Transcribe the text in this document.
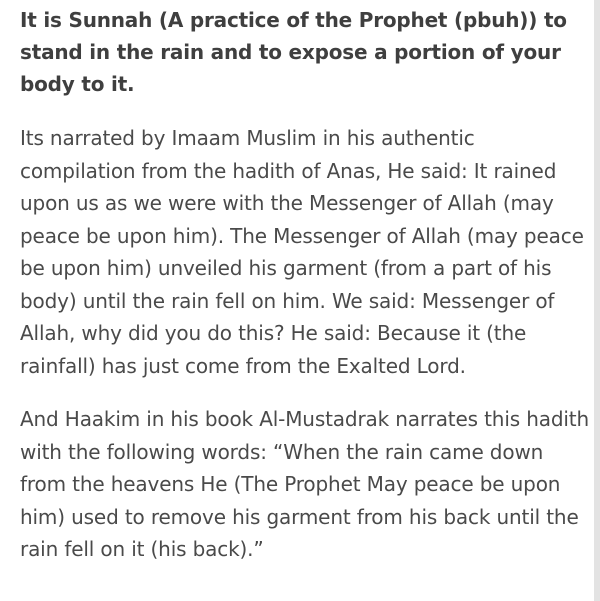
It is Sunnah (A practice of the Prophet (pbuh)) to stand in the rain and to expose a portion of your body to it.

Its narrated by Imaam Muslim in his authentic compilation from the hadith of Anas, He said: It rained upon us as we were with the Messenger of Allah (may peace be upon him). The Messenger of Allah (may peace be upon him) unveiled his garment (from a part of his body) until the rain fell on him. We said: Messenger of Allah, why did you do this? He said: Because it (the rainfall) has just come from the Exalted Lord.

And Haakim in his book Al-Mustadrak narrates this hadith with the following words: “When the rain came down from the heavens He (The Prophet May peace be upon him) used to remove his garment from his back until the rain fell on it (his back).”
